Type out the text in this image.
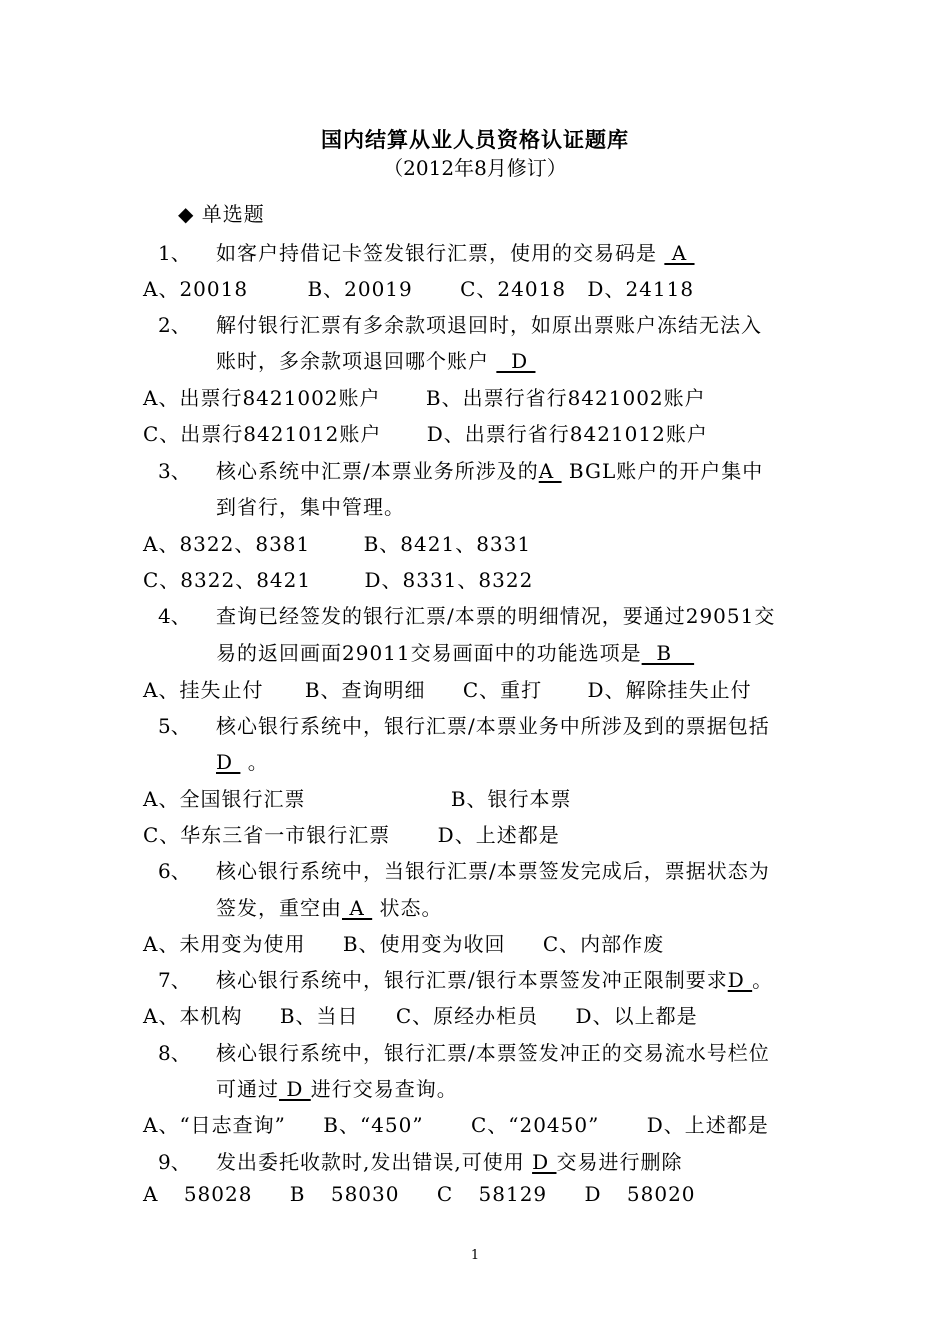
国内结算从业人员资格认证题库
（2012年8月修订）
◆ 单选题
1、 如客户持借记卡签发银行汇票，使用的交易码是  A
A、20018	B、20019 C、24018 D、24118
2、 解付银行汇票有多余款项退回时，如原出票账户冻结无法入
账时，多余款项退回哪个账户   D
A、出票行8421002账户 B、出票行省行8421002账户
C、出票行8421012账户 D、出票行省行8421012账户
3、 核心系统中汇票/本票业务所涉及的A  BGL账户的开户集中
到省行，集中管理。
A、8322、8381	B、8421、8331
C、8322、8421	D、8331、8322
4、 查询已经签发的银行汇票/本票的明细情况，要通过29051交
易的返回画面29011交易画面中的功能选项是  B
A、挂失止付 B、查询明细 C、重打 D、解除挂失止付
5、 核心银行系统中，银行汇票/本票业务中所涉及到的票据包括
D  。
A、全国银行汇票	B、银行本票
C、华东三省一市银行汇票 D、上述都是
6、 核心银行系统中，当银行汇票/本票签发完成后，票据状态为
签发，重空由 A  状态。
A、未用变为使用 B、使用变为收回 C、内部作废
7、 核心银行系统中，银行汇票/银行本票签发冲正限制要求D 。
A、本机构 B、当日 C、原经办柜员 D、以上都是
8、 核心银行系统中，银行汇票/本票签发冲正的交易流水号栏位
可通过 D 进行交易查询。
A、“日志查询” B、“450” C、“20450” D、上述都是
9、 发出委托收款时,发出错误,可使用 D 交易进行删除
A 58028 B 58030 C 58129 D 58020
1
